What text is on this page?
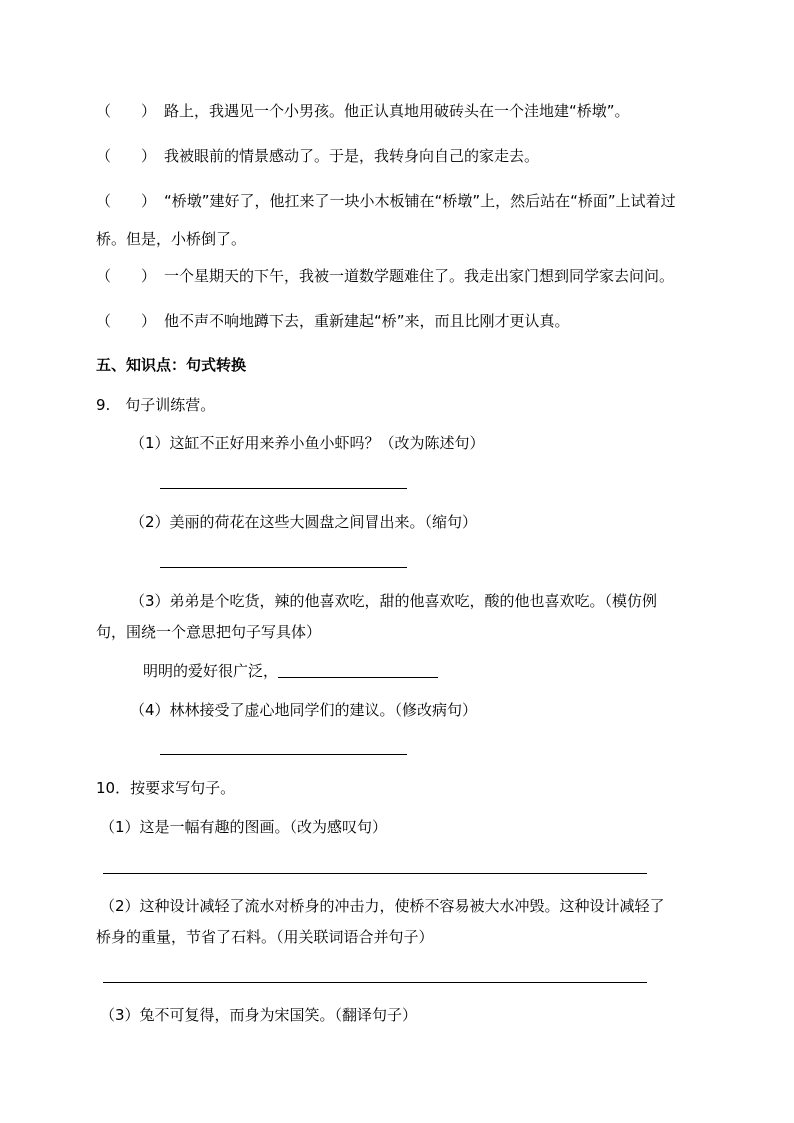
（　　） 路上，我遇见一个小男孩。他正认真地用破砖头在一个洼地建“桥墩”。
（　　） 我被眼前的情景感动了。于是，我转身向自己的家走去。
（　　） “桥墩”建好了，他扛来了一块小木板铺在“桥墩”上，然后站在“桥面”上试着过
桥。但是，小桥倒了。
（　　） 一个星期天的下午，我被一道数学题难住了。我走出家门想到同学家去问问。
（　　） 他不声不响地蹲下去，重新建起“桥”来，而且比刚才更认真。
五、知识点：句式转换
9.　句子训练营。
（1）这缸不正好用来养小鱼小虾吗？（改为陈述句）
（2）美丽的荷花在这些大圆盘之间冒出来。（缩句）
（3）弟弟是个吃货，辣的他喜欢吃，甜的他喜欢吃，酸的他也喜欢吃。（模仿例
句，围绕一个意思把句子写具体）
明明的爱好很广泛，
（4）林林接受了虚心地同学们的建议。（修改病句）
10．按要求写句子。
（1）这是一幅有趣的图画。（改为感叹句）
（2）这种设计减轻了流水对桥身的冲击力，使桥不容易被大水冲毁。这种设计减轻了
桥身的重量，节省了石料。（用关联词语合并句子）
（3）兔不可复得，而身为宋国笑。（翻译句子）
